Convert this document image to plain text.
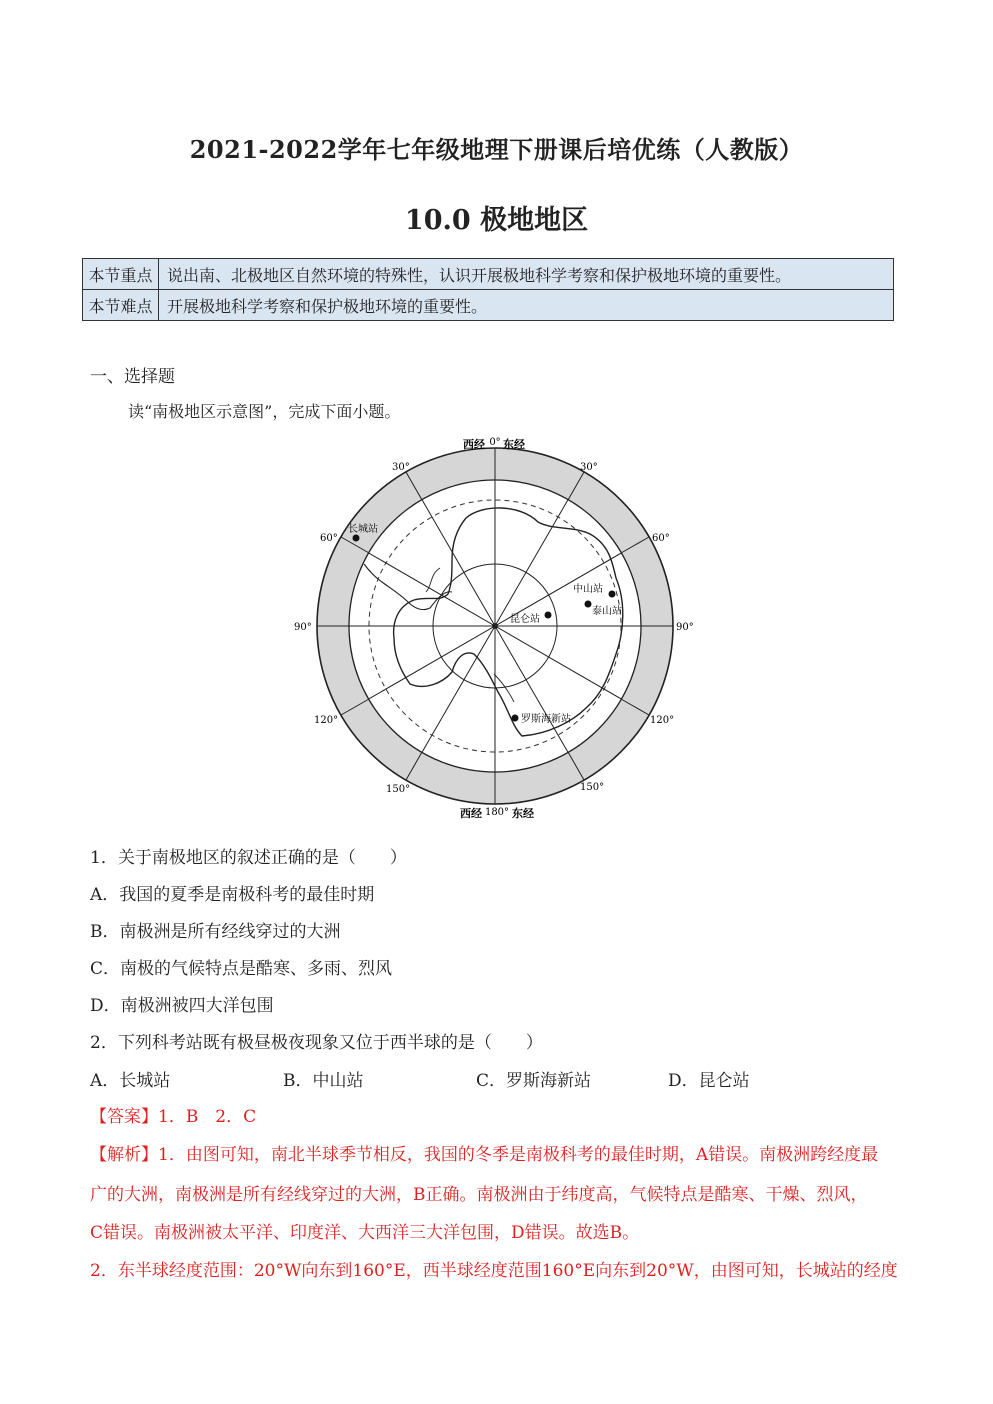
2021-2022学年七年级地理下册课后培优练（人教版）
10.0 极地地区
本节重点	说出南、北极地区自然环境的特殊性，认识开展极地科学考察和保护极地环境的重要性。
本节难点	开展极地科学考察和保护极地环境的重要性。
一、选择题
读“南极地区示意图”，完成下面小题。
西经 0° 东经
西经 180° 东经
30°	30°
60°	60°
90°	90°
120°	120°
150°	150°
长城站
中山站
泰山站
昆仑站
罗斯海新站
1．关于南极地区的叙述正确的是（　　）
A．我国的夏季是南极科考的最佳时期
B．南极洲是所有经线穿过的大洲
C．南极的气候特点是酷寒、多雨、烈风
D．南极洲被四大洋包围
2．下列科考站既有极昼极夜现象又位于西半球的是（　　）
A．长城站	B．中山站	C．罗斯海新站	D．昆仑站
【答案】1．B　2．C
【解析】1．由图可知，南北半球季节相反，我国的冬季是南极科考的最佳时期，A错误。南极洲跨经度最
广的大洲，南极洲是所有经线穿过的大洲，B正确。南极洲由于纬度高，气候特点是酷寒、干燥、烈风，
C错误。南极洲被太平洋、印度洋、大西洋三大洋包围，D错误。故选B。
2．东半球经度范围：20°W向东到160°E，西半球经度范围160°E向东到20°W，由图可知，长城站的经度
